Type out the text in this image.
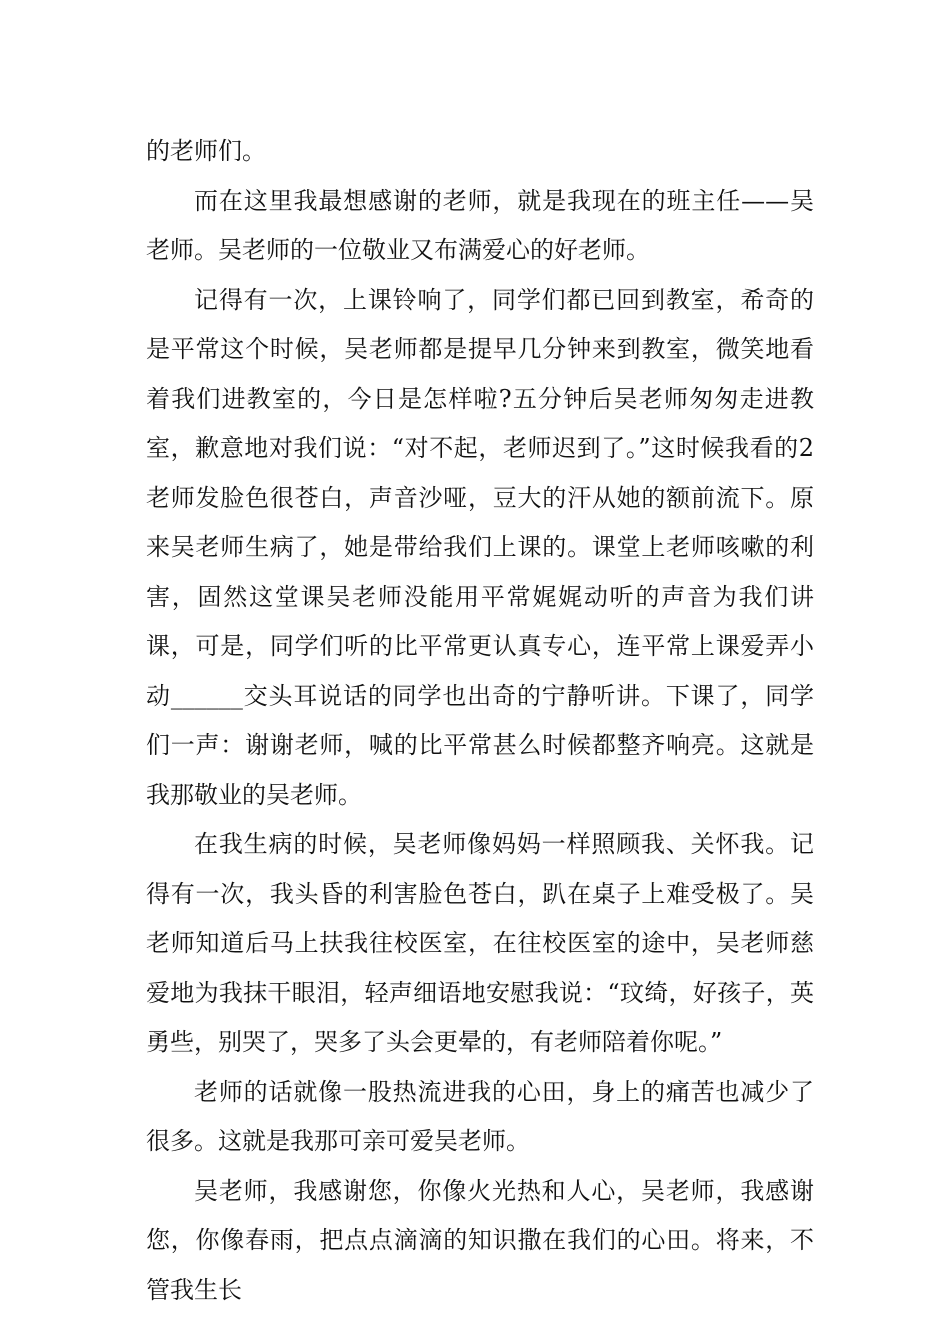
的老师们。

而在这里我最想感谢的老师，就是我现在的班主任——吴老师。吴老师的一位敬业又布满爱心的好老师。

记得有一次，上课铃响了，同学们都已回到教室，希奇的是平常这个时候，吴老师都是提早几分钟来到教室，微笑地看着我们进教室的，今日是怎样啦?五分钟后吴老师匆匆走进教室，歉意地对我们说：“对不起，老师迟到了。”这时候我看的2老师发脸色很苍白，声音沙哑，豆大的汗从她的额前流下。原来吴老师生病了，她是带给我们上课的。课堂上老师咳嗽的利害，固然这堂课吴老师没能用平常娓娓动听的声音为我们讲课，可是，同学们听的比平常更认真专心，连平常上课爱弄小动______交头耳说话的同学也出奇的宁静听讲。下课了，同学们一声：谢谢老师，喊的比平常甚么时候都整齐响亮。这就是我那敬业的吴老师。

在我生病的时候，吴老师像妈妈一样照顾我、关怀我。记得有一次，我头昏的利害脸色苍白，趴在桌子上难受极了。吴老师知道后马上扶我往校医室，在往校医室的途中，吴老师慈爱地为我抹干眼泪，轻声细语地安慰我说：“玟绮，好孩子，英勇些，别哭了，哭多了头会更晕的，有老师陪着你呢。”

老师的话就像一股热流进我的心田，身上的痛苦也减少了很多。这就是我那可亲可爱吴老师。

吴老师，我感谢您，你像火光热和人心，吴老师，我感谢您，你像春雨，把点点滴滴的知识撒在我们的心田。将来，不管我生长
